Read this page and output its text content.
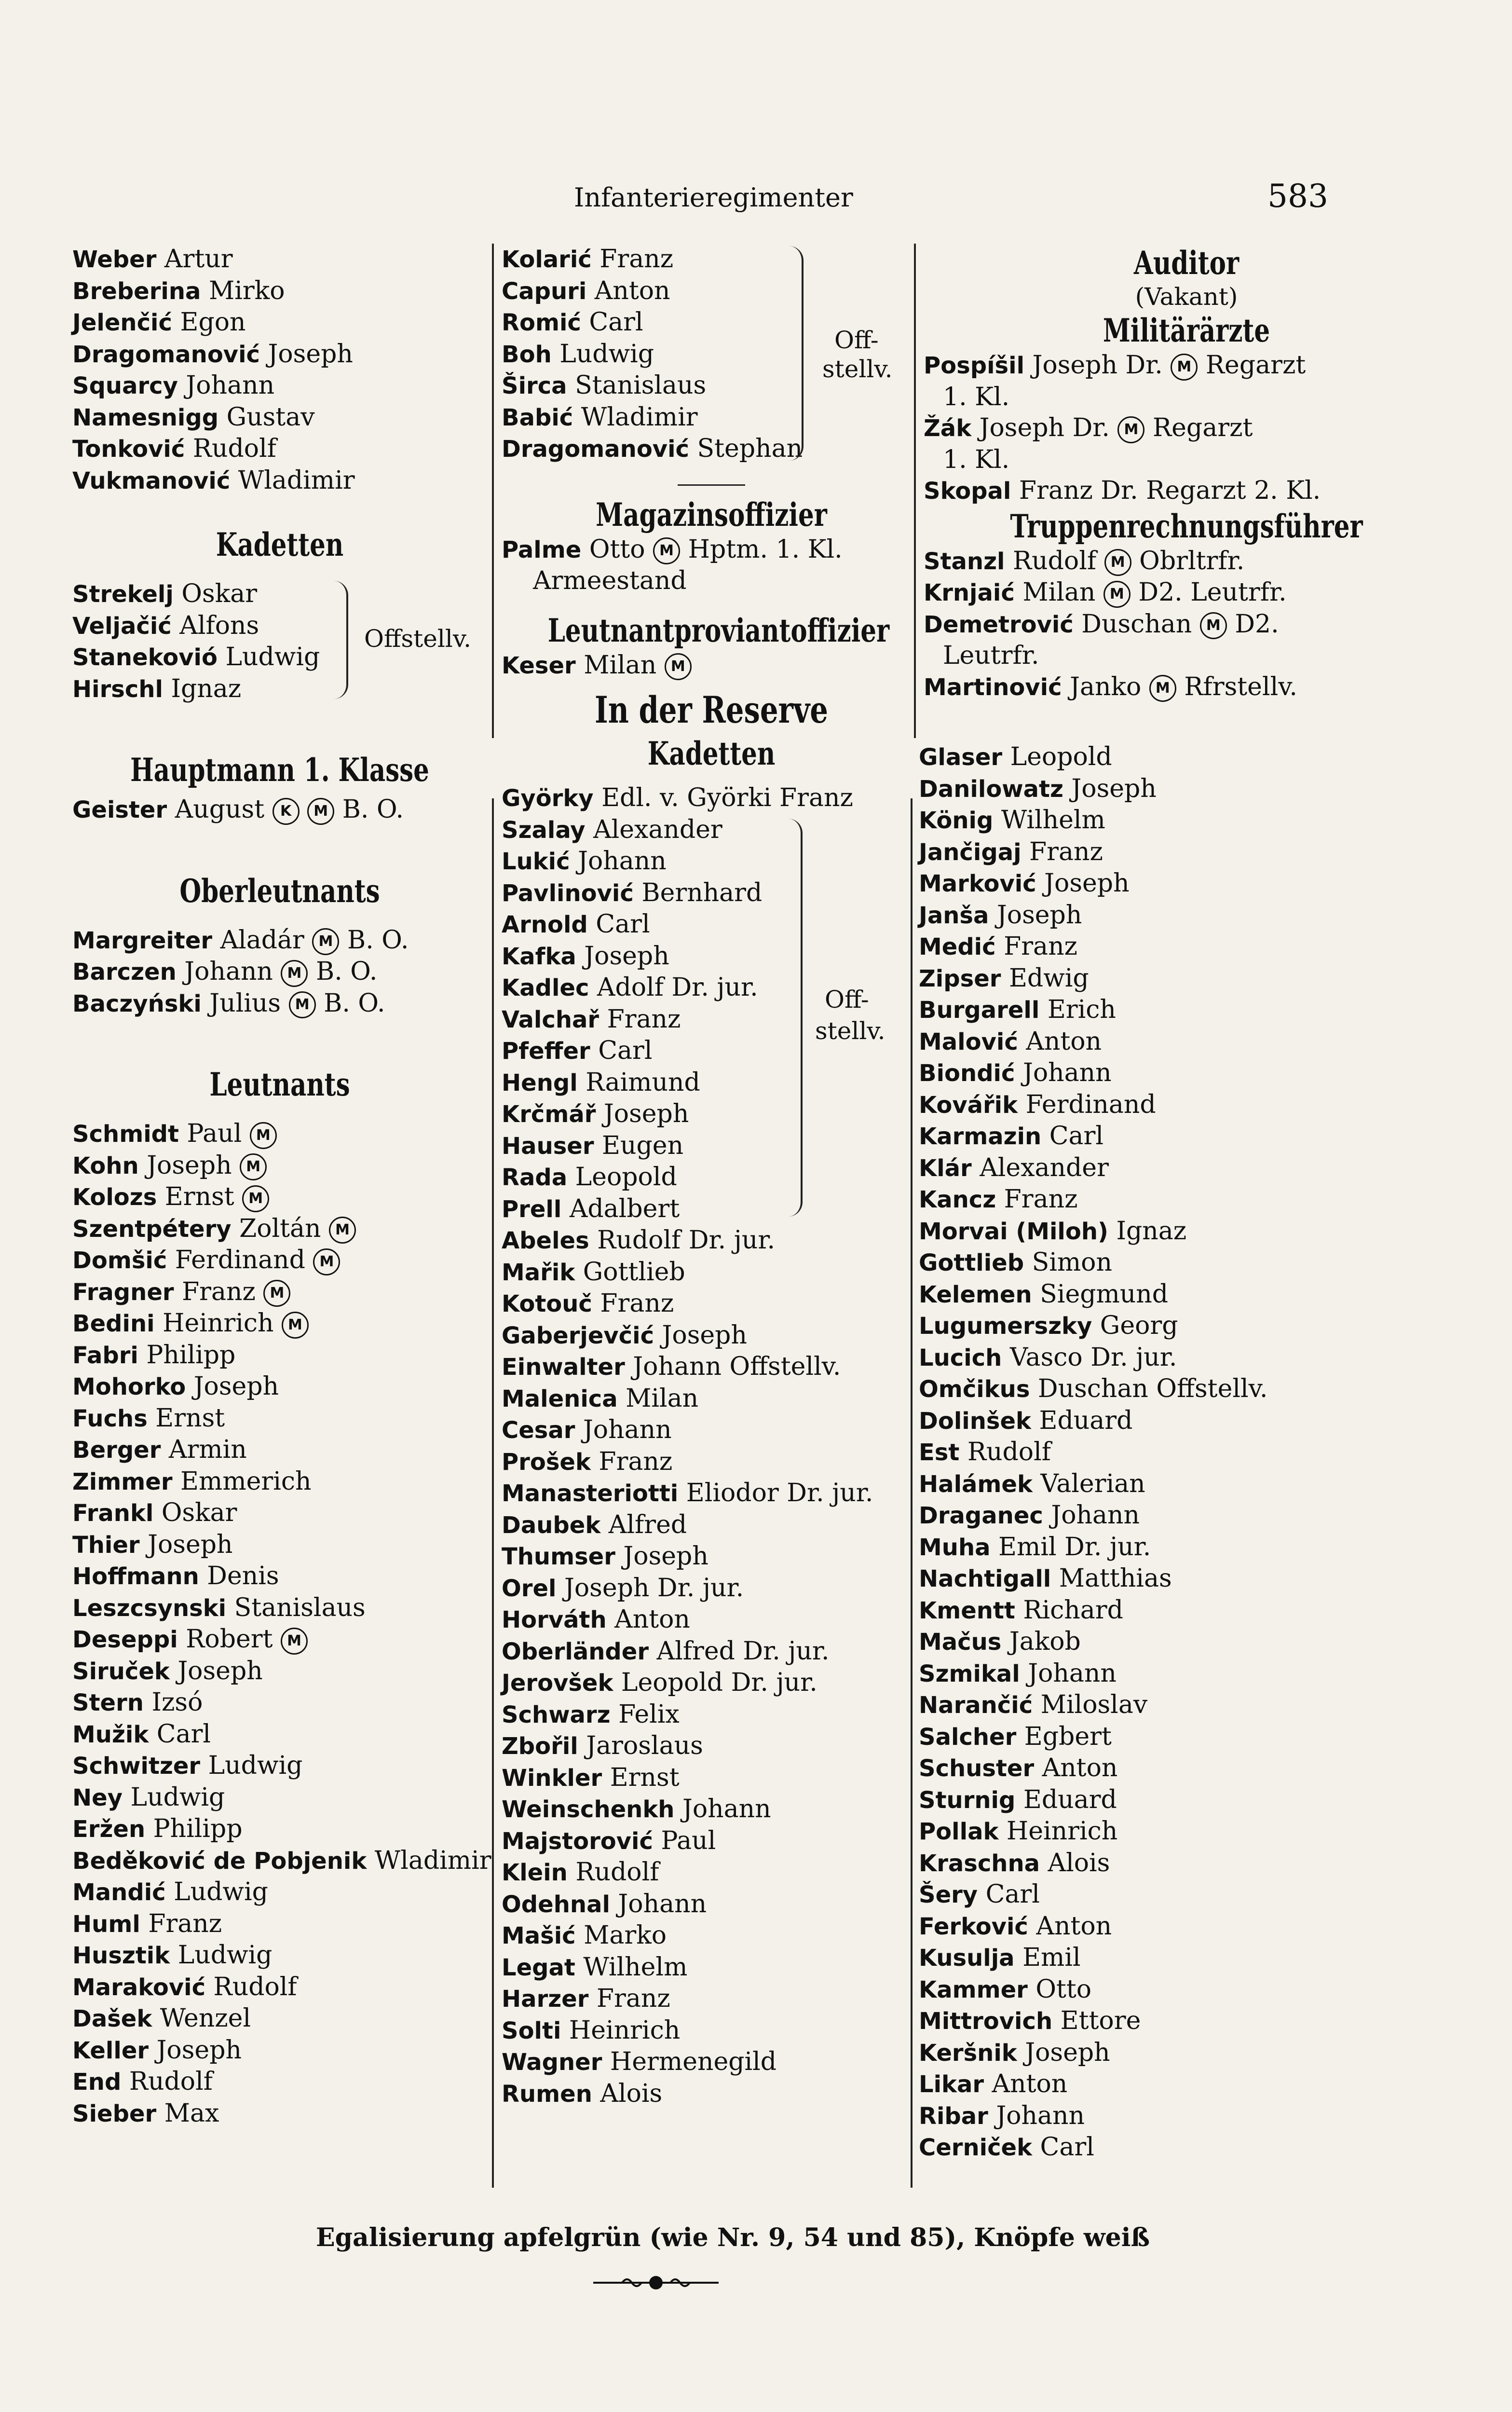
Infanterieregimenter	583
Weber Artur
Breberina Mirko
Jelenčić Egon
Dragomanović Joseph
Squarcy Johann
Namesnigg Gustav
Tonković Rudolf
Vukmanović Wladimir
Kadetten
Strekelj Oskar
Veljačić Alfons
Stanekovió Ludwig
Hirschl Ignaz
Offstellv.
Hauptmann 1. Klasse
Geister August K M B. O.
Oberleutnants
Margreiter Aladár M B. O.
Barczen Johann M B. O.
Baczyński Julius M B. O.
Leutnants
Schmidt Paul M
Kohn Joseph M
Kolozs Ernst M
Szentpétery Zoltán M
Domšić Ferdinand M
Fragner Franz M
Bedini Heinrich M
Fabri Philipp
Mohorko Joseph
Fuchs Ernst
Berger Armin
Zimmer Emmerich
Frankl Oskar
Thier Joseph
Hoffmann Denis
Leszcsynski Stanislaus
Deseppi Robert M
Siruček Joseph
Stern Izsó
Mužik Carl
Schwitzer Ludwig
Ney Ludwig
Eržen Philipp
Beděković de Pobjenik Wladimir
Mandić Ludwig
Huml Franz
Husztik Ludwig
Maraković Rudolf
Dašek Wenzel
Keller Joseph
End Rudolf
Sieber Max
Kolarić Franz
Capuri Anton
Romić Carl
Boh Ludwig
Širca Stanislaus
Babić Wladimir
Dragomanović Stephan
Off-
stellv.
Magazinsoffizier
Palme Otto M Hptm. 1. Kl.
Armeestand
Leutnantproviantoffizier
Keser Milan M
In der Reserve
Kadetten
Györky Edl. v. Györki Franz
Szalay Alexander
Lukić Johann
Pavlinović Bernhard
Arnold Carl
Kafka Joseph
Kadlec Adolf Dr. jur.
Valchař Franz
Pfeffer Carl
Hengl Raimund
Krčmář Joseph
Hauser Eugen
Rada Leopold
Prell Adalbert
Abeles Rudolf Dr. jur.
Mařik Gottlieb
Kotouč Franz
Gaberjevčić Joseph
Einwalter Johann Offstellv.
Malenica Milan
Cesar Johann
Prošek Franz
Manasteriotti Eliodor Dr. jur.
Daubek Alfred
Thumser Joseph
Orel Joseph Dr. jur.
Horváth Anton
Oberländer Alfred Dr. jur.
Jerovšek Leopold Dr. jur.
Schwarz Felix
Zbořil Jaroslaus
Winkler Ernst
Weinschenkh Johann
Majstorović Paul
Klein Rudolf
Odehnal Johann
Mašić Marko
Legat Wilhelm
Harzer Franz
Solti Heinrich
Wagner Hermenegild
Rumen Alois
Off-
stellv.
Auditor
(Vakant)
Militärärzte
Pospíšil Joseph Dr. M Regarzt
1. Kl.
Žák Joseph Dr. M Regarzt
1. Kl.
Skopal Franz Dr. Regarzt 2. Kl.
Truppenrechnungsführer
Stanzl Rudolf M Obrltrfr.
Krnjaić Milan M D2. Leutrfr.
Demetrović Duschan M D2.
Leutrfr.
Martinović Janko M Rfrstellv.
Glaser Leopold
Danilowatz Joseph
König Wilhelm
Jančigaj Franz
Marković Joseph
Janša Joseph
Medić Franz
Zipser Edwig
Burgarell Erich
Malović Anton
Biondić Johann
Kovářik Ferdinand
Karmazin Carl
Klár Alexander
Kancz Franz
Morvai (Miloh) Ignaz
Gottlieb Simon
Kelemen Siegmund
Lugumerszky Georg
Lucich Vasco Dr. jur.
Omčikus Duschan Offstellv.
Dolinšek Eduard
Est Rudolf
Halámek Valerian
Draganec Johann
Muha Emil Dr. jur.
Nachtigall Matthias
Kmentt Richard
Mačus Jakob
Szmikal Johann
Narančić Miloslav
Salcher Egbert
Schuster Anton
Sturnig Eduard
Pollak Heinrich
Kraschna Alois
Šery Carl
Ferković Anton
Kusulja Emil
Kammer Otto
Mittrovich Ettore
Keršnik Joseph
Likar Anton
Ribar Johann
Cerniček Carl
Egalisierung apfelgrün (wie Nr. 9, 54 und 85), Knöpfe weiß
